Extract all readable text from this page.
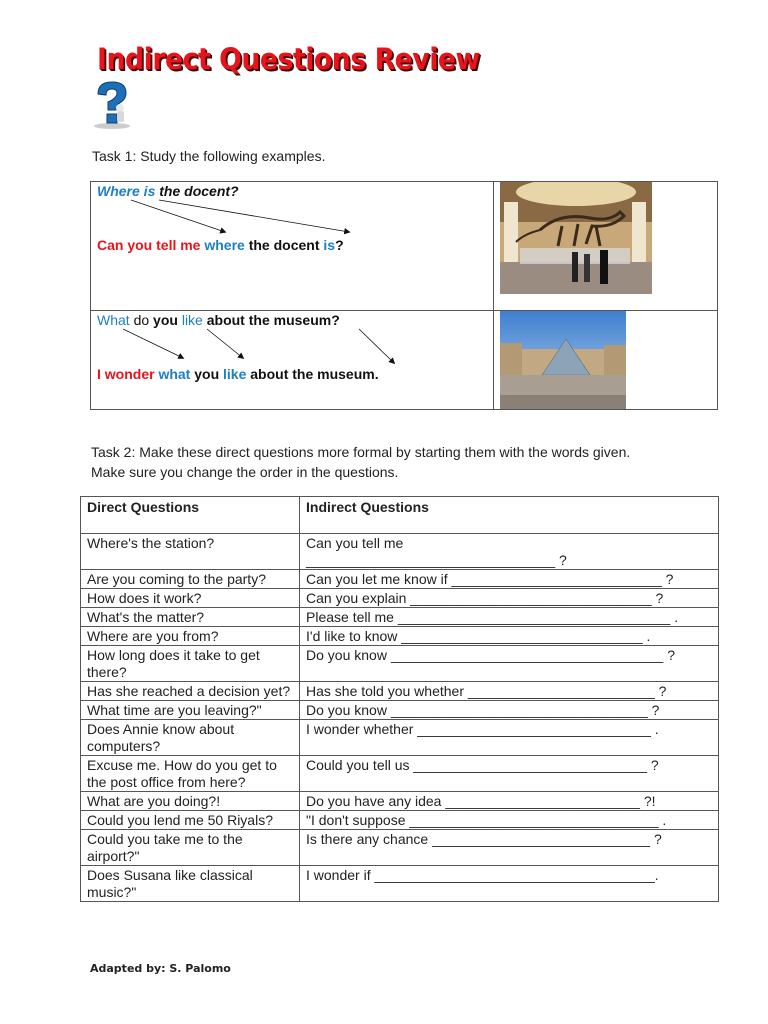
Indirect Questions Review
Task 1: Study the following examples.
Where is the docent?
Can you tell me where the docent is?

What do you like about the museum?
I wonder what you like about the museum.

Task 2: Make these direct questions more formal by starting them with the words given.
Make sure you change the order in the questions.
Direct Questions	Indirect Questions
Where's the station?	Can you tell me
________________________________ ?
Are you coming to the party?	Can you let me know if ___________________________ ?
How does it work?	Can you explain _______________________________ ?
What's the matter?	Please tell me ___________________________________ .
Where are you from?	I'd like to know _______________________________ .
How long does it take to get there?	Do you know ___________________________________ ?
Has she reached a decision yet?	Has she told you whether ________________________ ?
What time are you leaving?"	Do you know _________________________________ ?
Does Annie know about computers?	I wonder whether ______________________________ .
Excuse me. How do you get to the post office from here?	Could you tell us ______________________________ ?
What are you doing?!	Do you have any idea _________________________ ?!
Could you lend me 50 Riyals?	"I don't suppose ________________________________ .
Could you take me to the airport?"	Is there any chance ____________________________ ?
Does Susana like classical music?"	I wonder if ____________________________________.
Adapted by: S. Palomo
